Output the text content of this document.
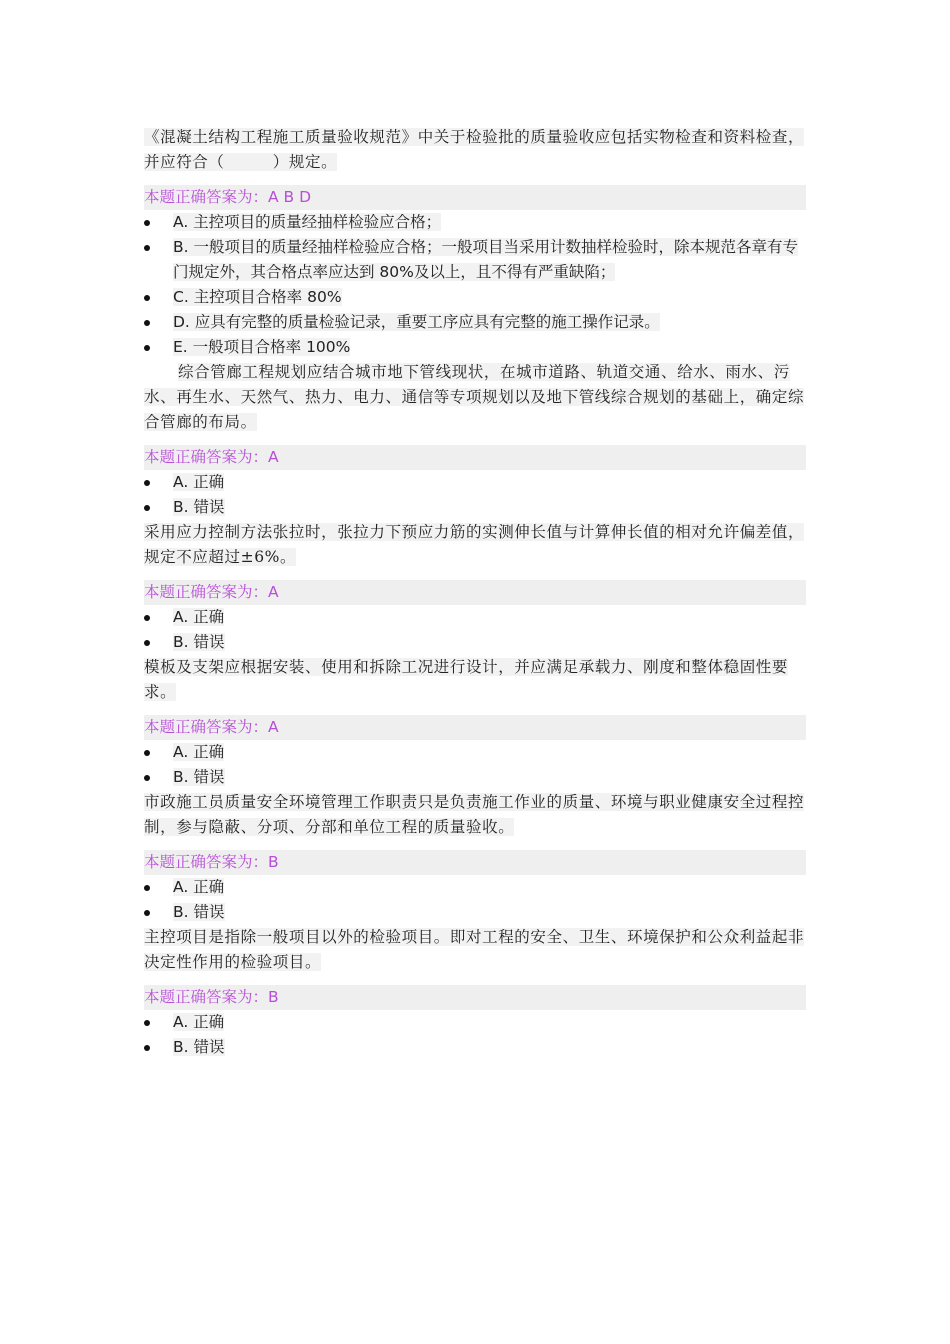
《混凝土结构工程施工质量验收规范》中关于检验批的质量验收应包括实物检查和资料检查，并应符合（　　　）规定。

本题正确答案为：A B D
A. 主控项目的质量经抽样检验应合格；
B. 一般项目的质量经抽样检验应合格；一般项目当采用计数抽样检验时，除本规范各章有专门规定外，其合格点率应达到 80%及以上，且不得有严重缺陷；
C. 主控项目合格率 80%
D. 应具有完整的质量检验记录，重要工序应具有完整的施工操作记录。
E. 一般项目合格率 100%

综合管廊工程规划应结合城市地下管线现状，在城市道路、轨道交通、给水、雨水、污水、再生水、天然气、热力、电力、通信等专项规划以及地下管线综合规划的基础上，确定综合管廊的布局。

本题正确答案为：A
A. 正确
B. 错误

采用应力控制方法张拉时，张拉力下预应力筋的实测伸长值与计算伸长值的相对允许偏差值，规定不应超过±6%。

本题正确答案为：A
A. 正确
B. 错误

模板及支架应根据安装、使用和拆除工况进行设计，并应满足承载力、刚度和整体稳固性要求。

本题正确答案为：A
A. 正确
B. 错误

市政施工员质量安全环境管理工作职责只是负责施工作业的质量、环境与职业健康安全过程控制，参与隐蔽、分项、分部和单位工程的质量验收。

本题正确答案为：B
A. 正确
B. 错误

主控项目是指除一般项目以外的检验项目。即对工程的安全、卫生、环境保护和公众利益起非决定性作用的检验项目。

本题正确答案为：B
A. 正确
B. 错误
